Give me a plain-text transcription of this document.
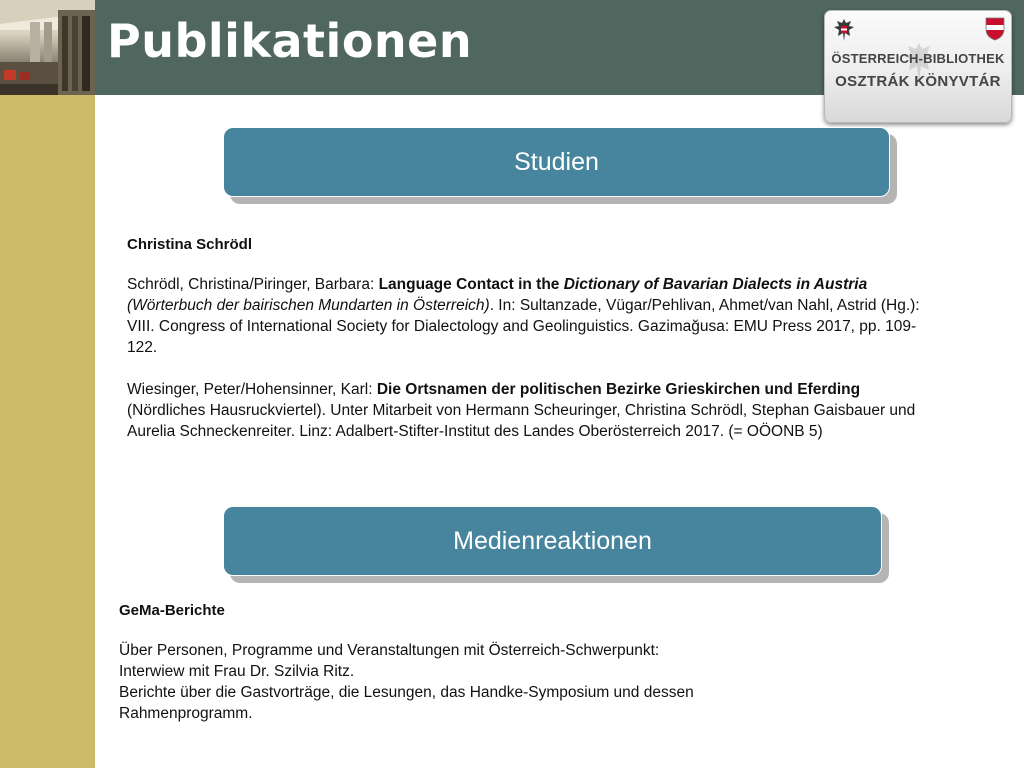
Publikationen	ÖSTERREICH-BIBLIOTHEK
OSZTRÁK KÖNYVTÁR
Studien
Christina Schrödl

Schrödl, Christina/Piringer, Barbara: Language Contact in the Dictionary of Bavarian Dialects in Austria (Wörterbuch der bairischen Mundarten in Österreich). In: Sultanzade, Vügar/Pehlivan, Ahmet/van Nahl, Astrid (Hg.): VIII. Congress of International Society for Dialectology and Geolinguistics. Gazimağusa: EMU Press 2017, pp. 109-122.

Wiesinger, Peter/Hohensinner, Karl: Die Ortsnamen der politischen Bezirke Grieskirchen und Eferding (Nördliches Hausruckviertel). Unter Mitarbeit von Hermann Scheuringer, Christina Schrödl, Stephan Gaisbauer und Aurelia Schneckenreiter. Linz: Adalbert-Stifter-Institut des Landes Oberösterreich 2017. (= OÖONB 5)

Medienreaktionen
GeMa-Berichte
Über Personen, Programme und Veranstaltungen mit Österreich-Schwerpunkt:
Interwiew mit Frau Dr. Szilvia Ritz.
Berichte über die Gastvorträge, die Lesungen, das Handke-Symposium und dessen Rahmenprogramm.
